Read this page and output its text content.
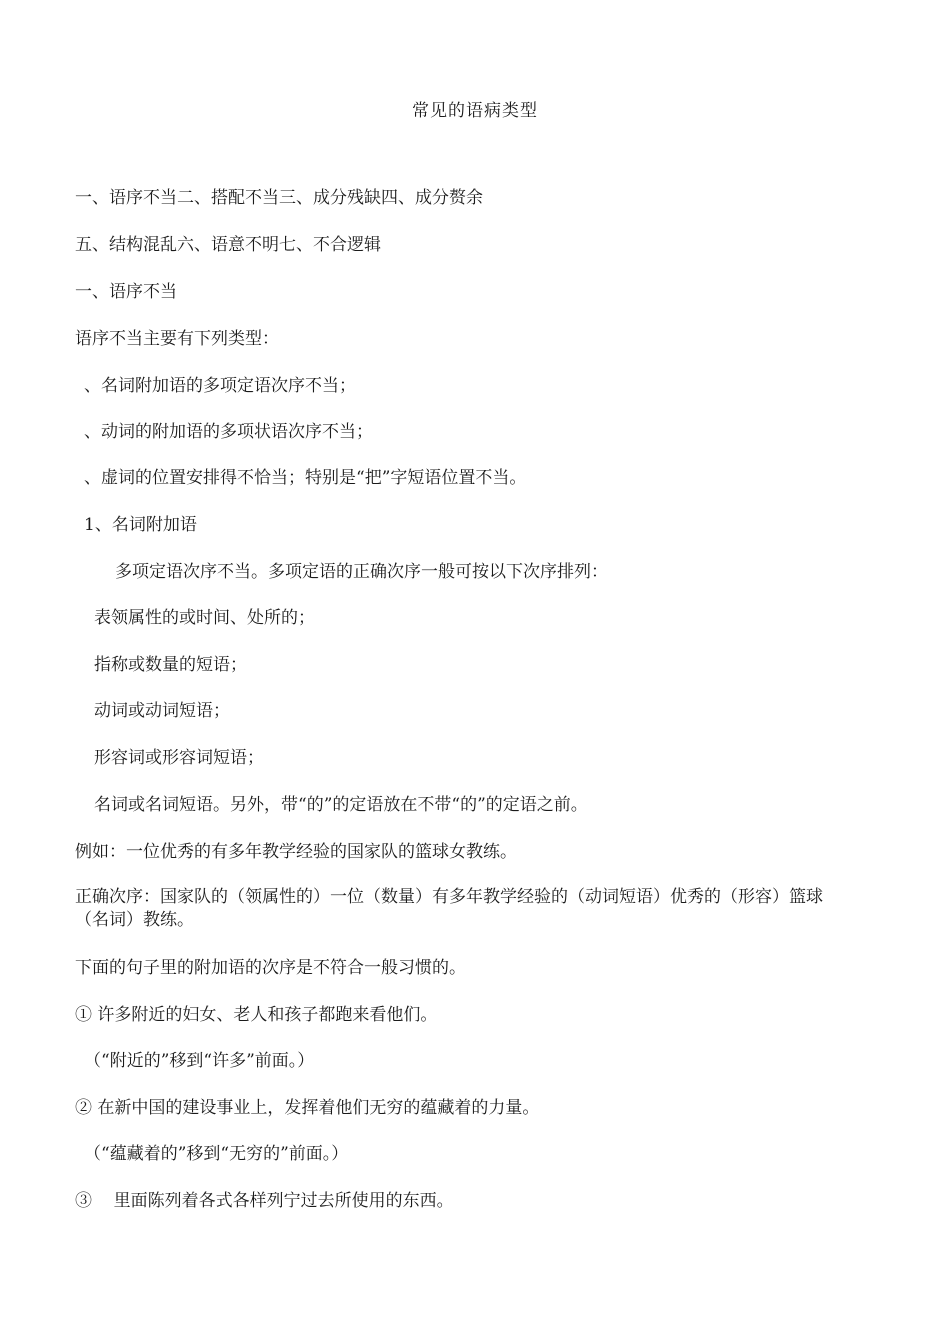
常见的语病类型
一、语序不当二、搭配不当三、成分残缺四、成分赘余
五、结构混乱六、语意不明七、不合逻辑
一、语序不当
语序不当主要有下列类型：
、名词附加语的多项定语次序不当；
、动词的附加语的多项状语次序不当；
、虚词的位置安排得不恰当；特别是“把”字短语位置不当。
1、名词附加语
多项定语次序不当。多项定语的正确次序一般可按以下次序排列：
表领属性的或时间、处所的；
指称或数量的短语；
动词或动词短语；
形容词或形容词短语；
名词或名词短语。另外，带“的”的定语放在不带“的”的定语之前。
例如：一位优秀的有多年教学经验的国家队的篮球女教练。
正确次序：国家队的（领属性的）一位（数量）有多年教学经验的（动词短语）优秀的（形容）篮球（名词）教练。
下面的句子里的附加语的次序是不符合一般习惯的。
① 许多附近的妇女、老人和孩子都跑来看他们。
（“附近的”移到“许多”前面。）
② 在新中国的建设事业上，发挥着他们无穷的蕴藏着的力量。
（“蕴藏着的”移到“无穷的”前面。）
③    里面陈列着各式各样列宁过去所使用的东西。
